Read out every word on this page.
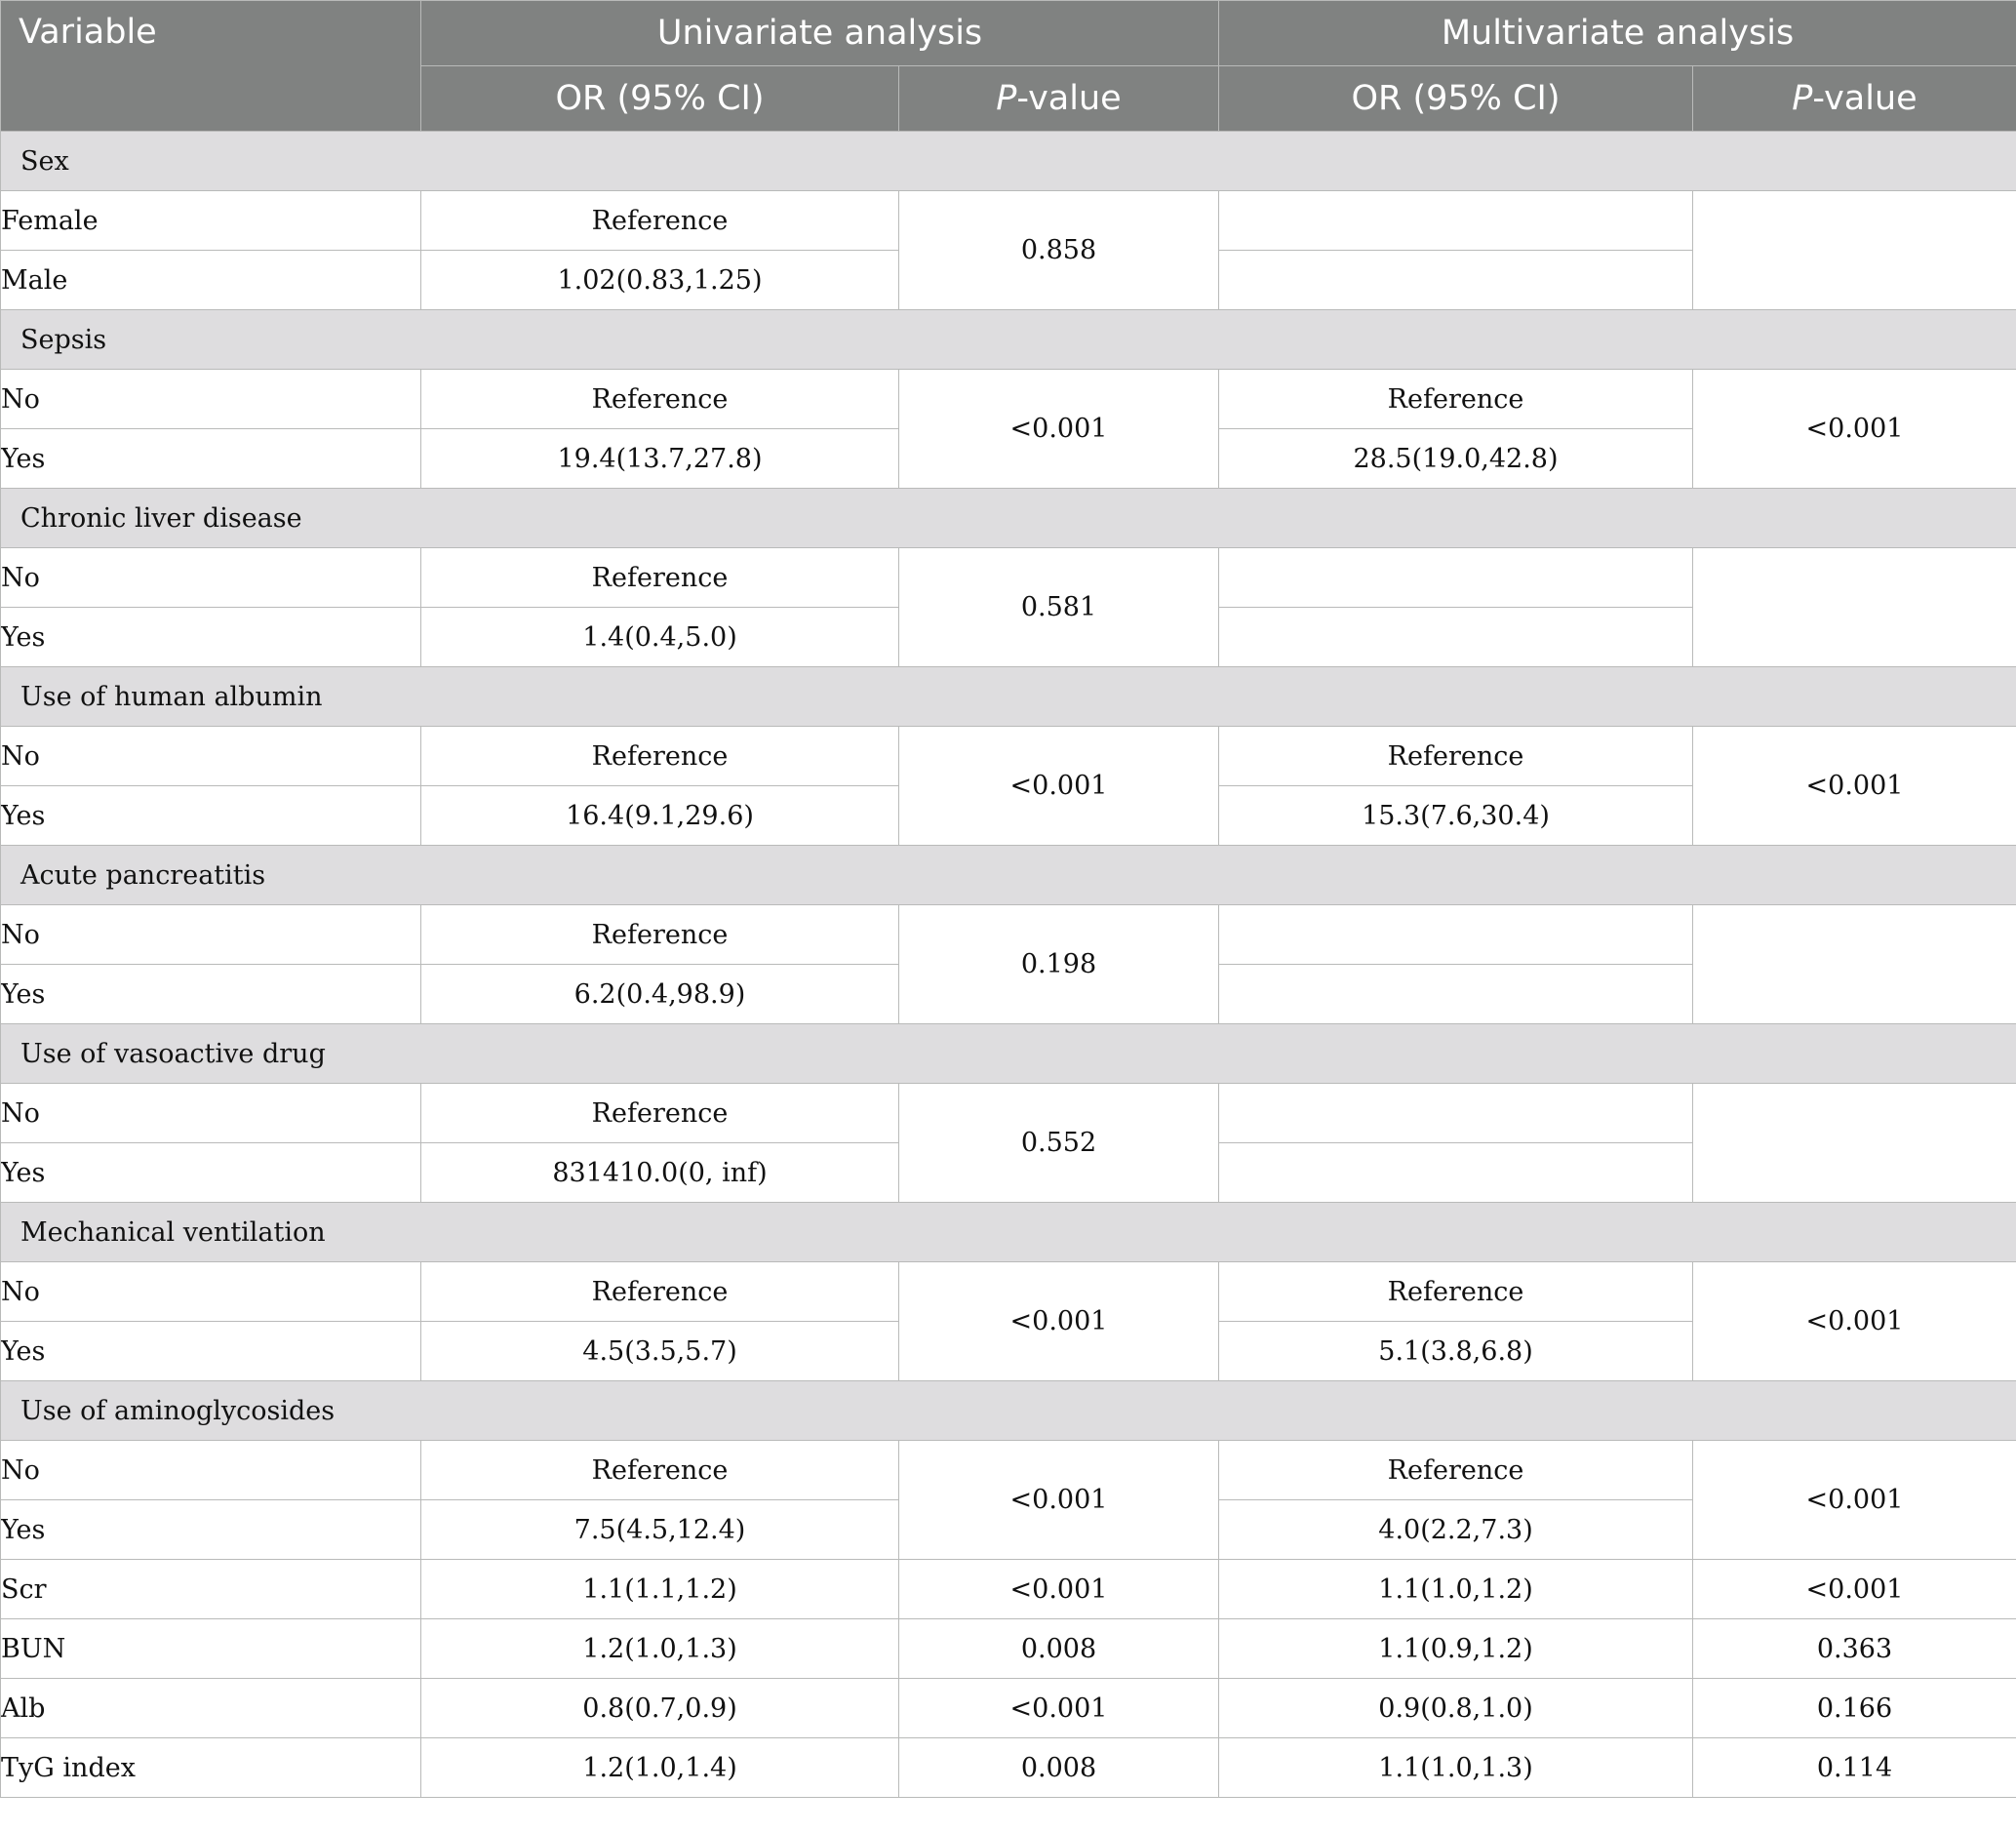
Variable	Univariate analysis		Multivariate analysis	
	OR (95% CI)	P-value	OR (95% CI)	P-value
Sex				
Female	Reference	0.858		
Male	1.02(0.83,1.25)			
Sepsis				
No	Reference	<0.001	Reference	<0.001
Yes	19.4(13.7,27.8)		28.5(19.0,42.8)	
Chronic liver disease				
No	Reference	0.581		
Yes	1.4(0.4,5.0)			
Use of human albumin				
No	Reference	<0.001	Reference	<0.001
Yes	16.4(9.1,29.6)		15.3(7.6,30.4)	
Acute pancreatitis				
No	Reference	0.198		
Yes	6.2(0.4,98.9)			
Use of vasoactive drug				
No	Reference	0.552		
Yes	831410.0(0, inf)			
Mechanical ventilation				
No	Reference	<0.001	Reference	<0.001
Yes	4.5(3.5,5.7)		5.1(3.8,6.8)	
Use of aminoglycosides				
No	Reference	<0.001	Reference	<0.001
Yes	7.5(4.5,12.4)		4.0(2.2,7.3)	
Scr	1.1(1.1,1.2)	<0.001	1.1(1.0,1.2)	<0.001
BUN	1.2(1.0,1.3)	0.008	1.1(0.9,1.2)	0.363
Alb	0.8(0.7,0.9)	<0.001	0.9(0.8,1.0)	0.166
TyG index	1.2(1.0,1.4)	0.008	1.1(1.0,1.3)	0.114
